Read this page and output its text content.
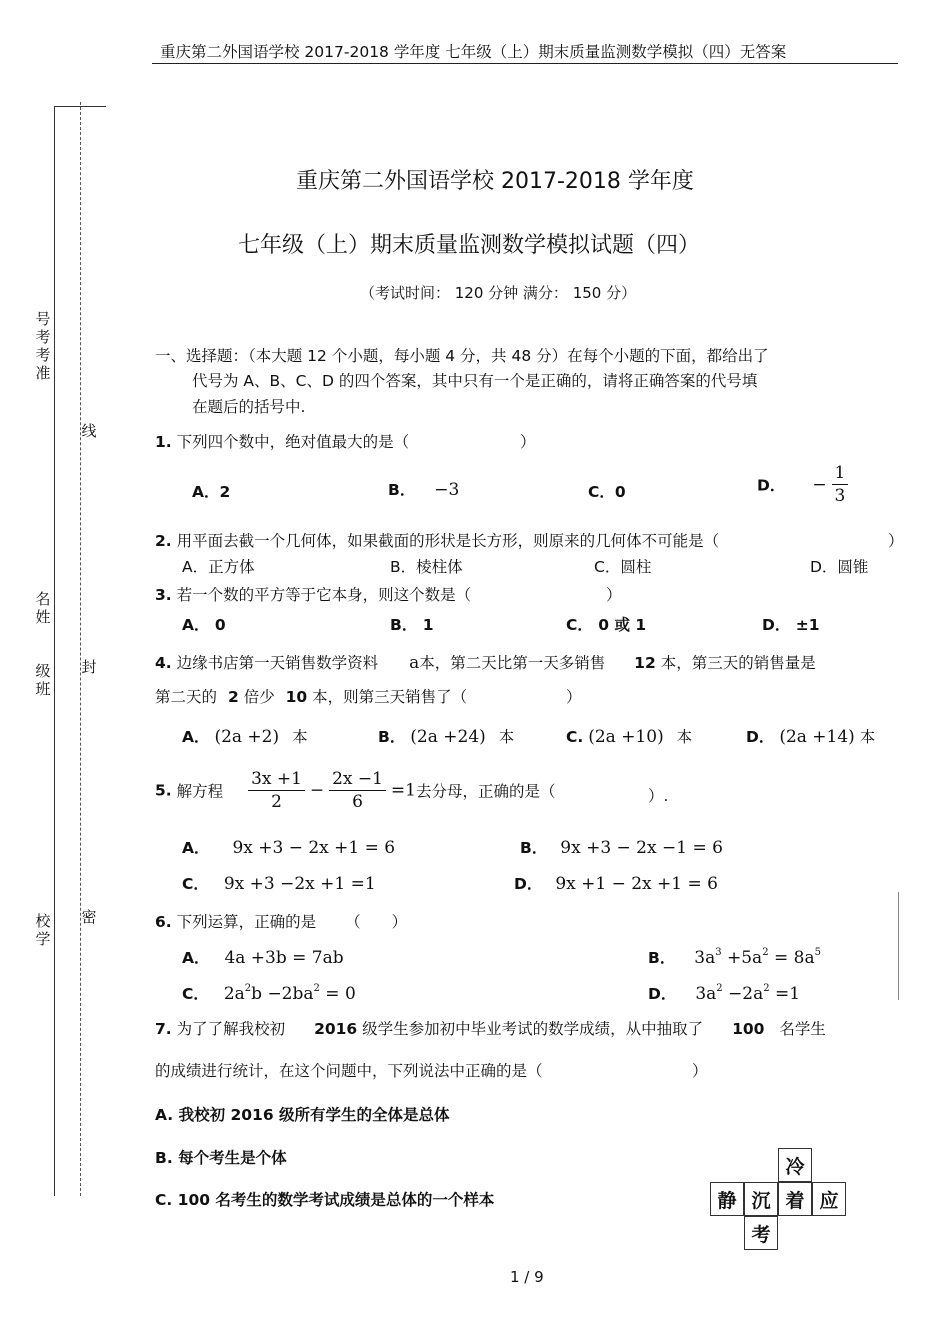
重庆第二外国语学校 2017-2018 学年度 七年级（上）期末质量监测数学模拟（四）无答案
号考考准
名姓
级班
校学
线
封
密
重庆第二外国语学校 2017-2018 学年度
七年级（上）期末质量监测数学模拟试题（四）
（考试时间： 120 分钟 满分： 150 分）
一、选择题：（本大题 12 个小题，每小题 4 分，共 48 分）在每个小题的下面，都给出了
代号为 A、B、C、D 的四个答案，其中只有一个是正确的，请将正确答案的代号填
在题后的括号中.
1. 下列四个数中，绝对值最大的是（	）
A．2	B． −3	C．0	D． − $\frac{1}{3}$
2. 用平面去截一个几何体，如果截面的形状是长方形，则原来的几何体不可能是（	）
A．正方体	B．棱柱体	C．圆柱	D．圆锥
3. 若一个数的平方等于它本身，则这个数是（	）
A． 0	B． 1	C． 0 或 1	D． ±1
4. 边缘书店第一天销售数学资料 a本，第二天比第一天多销售 12 本，第三天的销售量是
第二天的 2 倍少 10 本，则第三天销售了（	）
A． (2a +2) 本	B． (2a +24) 本	C. (2a +10) 本	D． (2a +14) 本
5. 解方程 $\frac{3x +1}{2} - \frac{2x -1}{6} =1$去分母，正确的是（	）.
A． 9x +3 − 2x +1 = 6	B． 9x +3 − 2x −1 = 6
C． 9x +3 −2x +1 =1	D． 9x +1 − 2x +1 = 6
6. 下列运算，正确的是 （　　）
A． 4a +3b = 7ab	B． $3a^3 +5a^2 = 8a^5$
C． $2a^2b -2ba^2 = 0$	D． $3a^2 -2a^2 =1$
7. 为了了解我校初 2016 级学生参加初中毕业考试的数学成绩，从中抽取了 100 名学生
的成绩进行统计，在这个问题中，下列说法中正确的是（	）
A. 我校初 2016 级所有学生的全体是总体
B. 每个考生是个体
C. 100 名考生的数学考试成绩是总体的一个样本
冷
静 沉 着 应
考
1 / 9
